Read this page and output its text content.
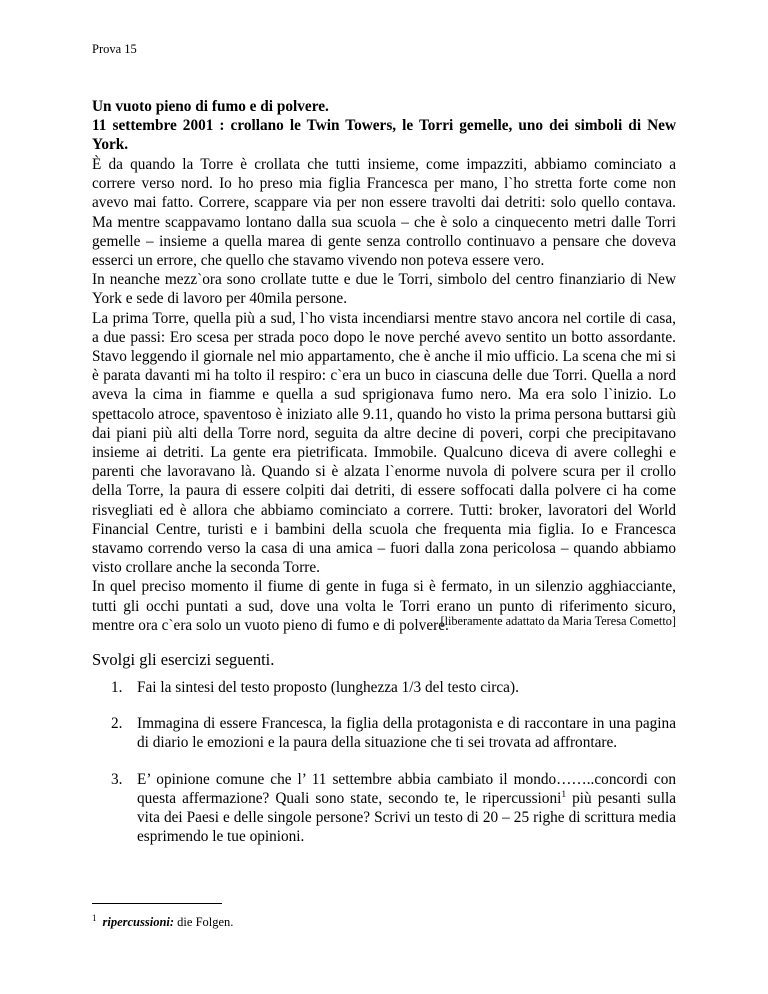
Prova 15
Un vuoto pieno di fumo e di polvere.
11 settembre 2001 : crollano le Twin Towers, le Torri gemelle, uno dei simboli di New York.

È da quando la Torre è crollata che tutti insieme, come impazziti, abbiamo cominciato a correre verso nord. Io ho preso mia figlia Francesca per mano, l`ho stretta forte come non avevo mai fatto. Correre, scappare via per non essere travolti dai detriti: solo quello contava. Ma mentre scappavamo lontano dalla sua scuola – che è solo a cinquecento metri dalle Torri gemelle – insieme a quella marea di gente senza controllo continuavo a pensare che doveva esserci un errore, che quello che stavamo vivendo non poteva essere vero.

In neanche mezz`ora sono crollate tutte e due le Torri, simbolo del centro finanziario di New York e sede di lavoro per 40mila persone.

La prima Torre, quella più a sud, l`ho vista incendiarsi mentre stavo ancora nel cortile di casa, a due passi: Ero scesa per strada poco dopo le nove perché avevo sentito un botto assordante. Stavo leggendo il giornale nel mio appartamento, che è anche il mio ufficio. La scena che mi si è parata davanti mi ha tolto il respiro: c`era un buco in ciascuna delle due Torri. Quella a nord aveva la cima in fiamme e quella a sud sprigionava fumo nero. Ma era solo l`inizio. Lo spettacolo atroce, spaventoso è iniziato alle 9.11, quando ho visto la prima persona buttarsi giù dai piani più alti della Torre nord, seguita da altre decine di poveri, corpi che precipitavano insieme ai detriti. La gente era pietrificata. Immobile. Qualcuno diceva di avere colleghi e parenti che lavoravano là. Quando si è alzata l`enorme nuvola di polvere scura per il crollo della Torre, la paura di essere colpiti dai detriti, di essere soffocati dalla polvere ci ha come risvegliati ed è allora che abbiamo cominciato a correre. Tutti: broker, lavoratori del World Financial Centre, turisti e i bambini della scuola che frequenta mia figlia. Io e Francesca stavamo correndo verso la casa di una amica – fuori dalla zona pericolosa – quando abbiamo visto crollare anche la seconda Torre.

In quel preciso momento il fiume di gente in fuga si è fermato, in un silenzio agghiacciante, tutti gli occhi puntati a sud, dove una volta le Torri erano un punto di riferimento sicuro, mentre ora c`era solo un vuoto pieno di fumo e di polvere.

[liberamente adattato da Maria Teresa Cometto]
Svolgi gli esercizi seguenti.
1. Fai la sintesi del testo proposto (lunghezza 1/3 del testo circa).
2. Immagina di essere Francesca, la figlia della protagonista e di raccontare in una pagina di diario le emozioni e la paura della situazione che ti sei trovata ad affrontare.
3. E’ opinione comune che l’ 11 settembre abbia cambiato il mondo……..concordi con questa affermazione? Quali sono state, secondo te, le ripercussioni$^1$ più pesanti sulla vita dei Paesi e delle singole persone? Scrivi un testo di 20 – 25 righe di scrittura media esprimendo le tue opinioni.
$^1$ ripercussioni: die Folgen.
